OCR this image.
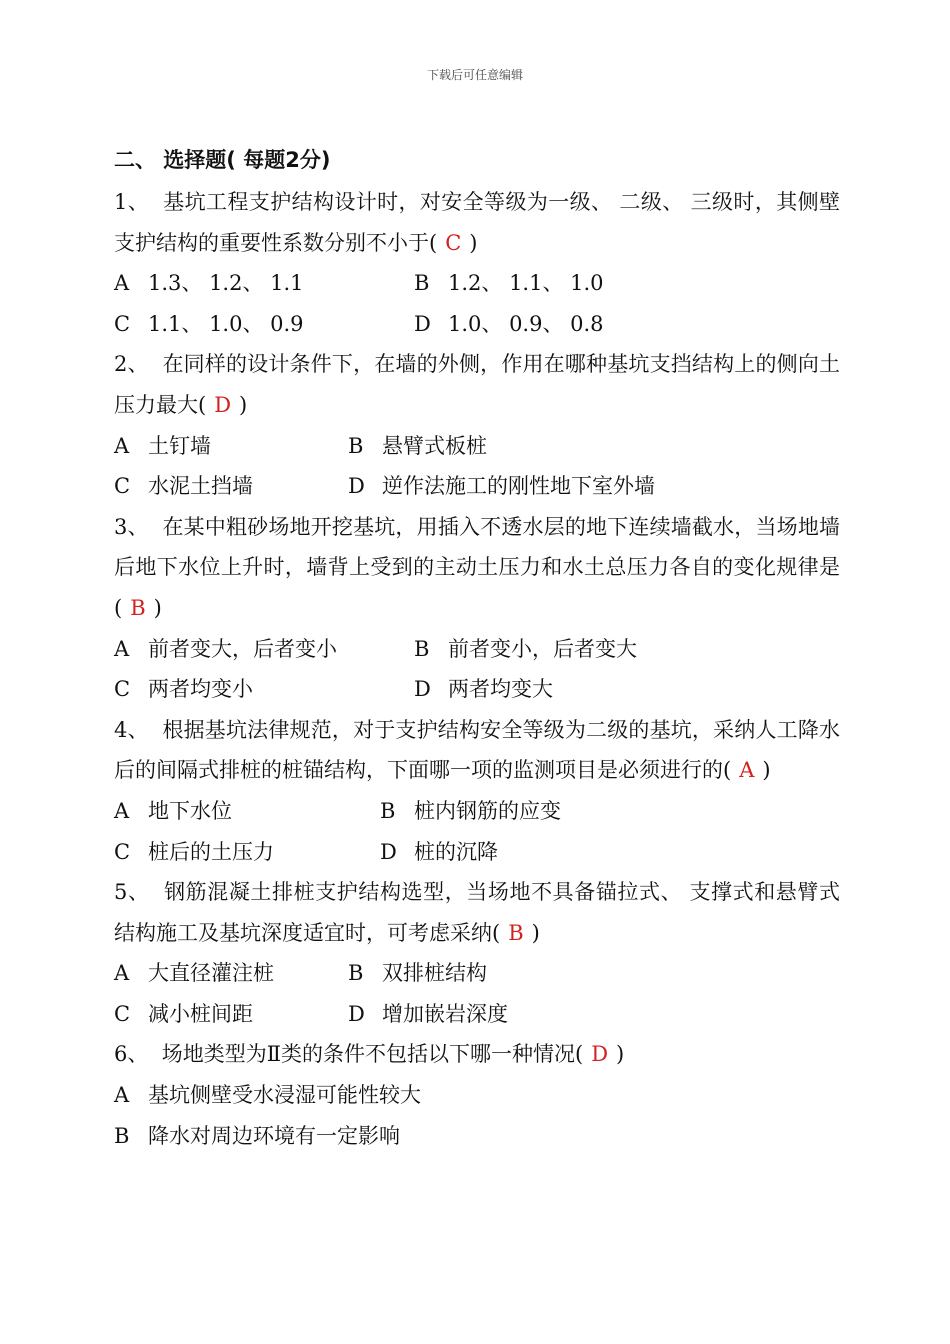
下载后可任意编辑
二、 选择题( 每题2分)
1、 基坑工程支护结构设计时，对安全等级为一级、 二级、 三级时，其侧壁支护结构的重要性系数分别不小于( C )
A 1.3、 1.2、 1.1	B 1.2、 1.1、 1.0
C 1.1、 1.0、 0.9	D 1.0、 0.9、 0.8
2、 在同样的设计条件下，在墙的外侧，作用在哪种基坑支挡结构上的侧向土压力最大( D )
A 土钉墙	B 悬臂式板桩
C 水泥土挡墙	D 逆作法施工的刚性地下室外墙
3、 在某中粗砂场地开挖基坑，用插入不透水层的地下连续墙截水，当场地墙后地下水位上升时，墙背上受到的主动土压力和水土总压力各自的变化规律是( B )
A 前者变大，后者变小	B 前者变小，后者变大
C 两者均变小	D 两者均变大
4、 根据基坑法律规范，对于支护结构安全等级为二级的基坑，采纳人工降水后的间隔式排桩的桩锚结构，下面哪一项的监测项目是必须进行的( A )
A 地下水位	B 桩内钢筋的应变
C 桩后的土压力	D 桩的沉降
5、 钢筋混凝土排桩支护结构选型，当场地不具备锚拉式、 支撑式和悬臂式结构施工及基坑深度适宜时，可考虑采纳( B )
A 大直径灌注桩	B 双排桩结构
C 减小桩间距	D 增加嵌岩深度
6、 场地类型为Ⅱ类的条件不包括以下哪一种情况( D )
A 基坑侧壁受水浸湿可能性较大
B 降水对周边环境有一定影响
